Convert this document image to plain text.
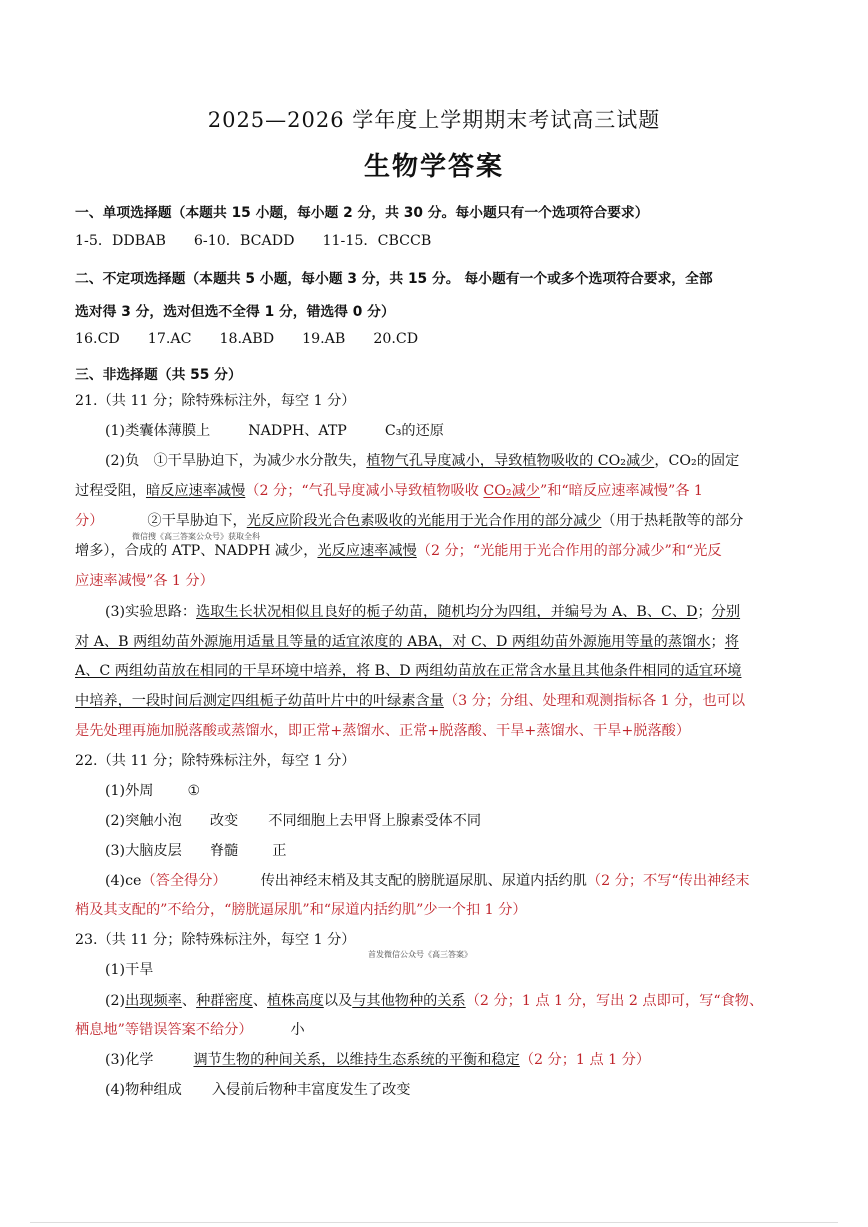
2025—2026 学年度上学期期末考试高三试题
生物学答案
一、单项选择题（本题共 15 小题，每小题 2 分，共 30 分。每小题只有一个选项符合要求）
1-5．DDBAB 6-10．BCADD 11-15．CBCCB
二、不定项选择题（本题共 5 小题，每小题 3 分，共 15 分。 每小题有一个或多个选项符合要求，全部
选对得 3 分，选对但选不全得 1 分，错选得 0 分）
16.CD 17.AC 18.ABD 19.AB 20.CD
三、非选择题（共 55 分）
21.（共 11 分；除特殊标注外，每空 1 分）
(1)类囊体薄膜上	NADPH、ATP	C₃的还原
(2)负　①干旱胁迫下，为减少水分散失，植物气孔导度减小，导致植物吸收的 CO₂减少，CO₂的固定
过程受阻，暗反应速率减慢（2 分；“气孔导度减小导致植物吸收 CO₂减少”和“暗反应速率减慢”各 1
分）	②干旱胁迫下，光反应阶段光合色素吸收的光能用于光合作用的部分减少（用于热耗散等的部分
微信搜《高三答案公众号》获取全科
增多），合成的 ATP、NADPH 减少，光反应速率减慢（2 分；“光能用于光合作用的部分减少”和“光反
应速率减慢”各 1 分）
(3)实验思路：选取生长状况相似且良好的栀子幼苗，随机均分为四组，并编号为 A、B、C、D；分别
对 A、B 两组幼苗外源施用适量且等量的适宜浓度的 ABA，对 C、D 两组幼苗外源施用等量的蒸馏水；将
A、C 两组幼苗放在相同的干旱环境中培养，将 B、D 两组幼苗放在正常含水量且其他条件相同的适宜环境
中培养，一段时间后测定四组栀子幼苗叶片中的叶绿素含量（3 分；分组、处理和观测指标各 1 分，也可以
是先处理再施加脱落酸或蒸馏水，即正常+蒸馏水、正常+脱落酸、干旱+蒸馏水、干旱+脱落酸）
22.（共 11 分；除特殊标注外，每空 1 分）
(1)外周 ①
(2)突触小泡 改变 不同细胞上去甲肾上腺素受体不同
(3)大脑皮层 脊髓 正
(4)ce（答全得分） 传出神经末梢及其支配的膀胱逼尿肌、尿道内括约肌（2 分；不写“传出神经末
梢及其支配的”不给分，“膀胱逼尿肌”和“尿道内括约肌”少一个扣 1 分）
23.（共 11 分；除特殊标注外，每空 1 分）
首发微信公众号《高三答案》
(1)干旱
(2)出现频率、种群密度、植株高度以及与其他物种的关系（2 分；1 点 1 分，写出 2 点即可，写“食物、
栖息地”等错误答案不给分）	小
(3)化学	调节生物的种间关系，以维持生态系统的平衡和稳定（2 分；1 点 1 分）
(4)物种组成 入侵前后物种丰富度发生了改变
